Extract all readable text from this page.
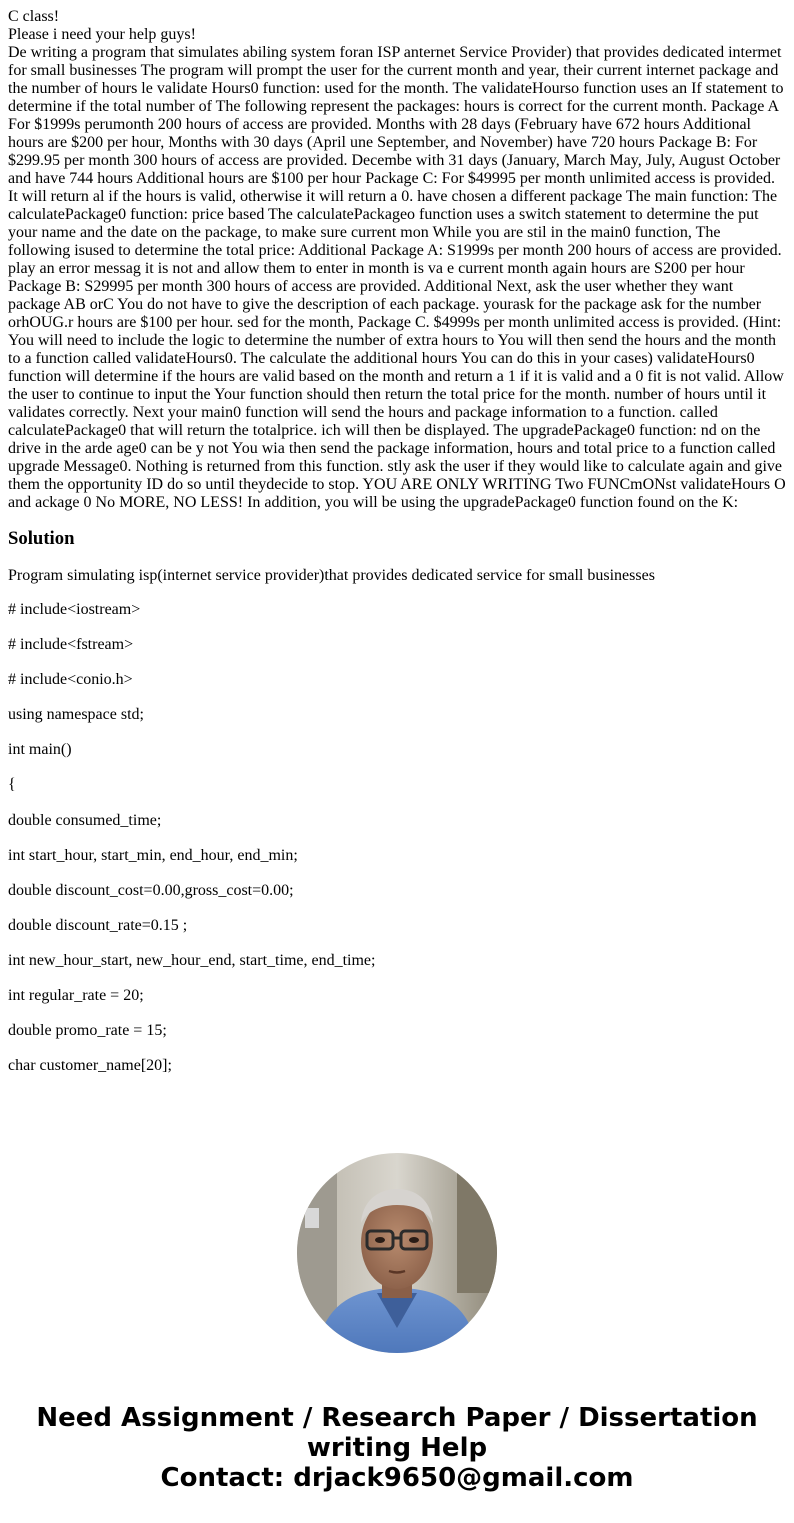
C class!
Please i need your help guys!
De writing a program that simulates abiling system foran ISP anternet Service Provider) that provides dedicated intermet for small businesses The program will prompt the user for the current month and year, their current internet package and the number of hours le validate Hours0 function: used for the month. The validateHourso function uses an If statement to determine if the total number of The following represent the packages: hours is correct for the current month. Package A For $1999s perumonth 200 hours of access are provided. Months with 28 days (February have 672 hours Additional hours are $200 per hour, Months with 30 days (April une September, and November) have 720 hours Package B: For $299.95 per month 300 hours of access are provided. Decembe with 31 days (January, March May, July, August October and have 744 hours Additional hours are $100 per hour Package C: For $49995 per month unlimited access is provided. It will return al if the hours is valid, otherwise it will return a 0. have chosen a different package The main function: The calculatePackage0 function: price based The calculatePackageo function uses a switch statement to determine the put your name and the date on the package, to make sure current mon While you are stil in the main0 function, The following isused to determine the total price: Additional Package A: S1999s per month 200 hours of access are provided. play an error messag it is not and allow them to enter in month is va e current month again hours are S200 per hour Package B: S29995 per month 300 hours of access are provided. Additional Next, ask the user whether they want package AB orC You do not have to give the description of each package. yourask for the package ask for the number orhOUG.r hours are $100 per hour. sed for the month, Package C. $4999s per month unlimited access is provided. (Hint: You will need to include the logic to determine the number of extra hours to You will then send the hours and the month to a function called validateHours0. The calculate the additional hours You can do this in your cases) validateHours0 function will determine if the hours are valid based on the month and return a 1 if it is valid and a 0 fit is not valid. Allow the user to continue to input the Your function should then return the total price for the month. number of hours until it validates correctly. Next your main0 function will send the hours and package information to a function. called calculatePackage0 that will return the totalprice. ich will then be displayed. The upgradePackage0 function: nd on the drive in the arde age0 can be y not You wia then send the package information, hours and total price to a function called upgrade Message0. Nothing is returned from this function. stly ask the user if they would like to calculate again and give them the opportunity ID do so until theydecide to stop. YOU ARE ONLY WRITING Two FUNCmONst validateHours O and ackage 0 No MORE, NO LESS! In addition, you will be using the upgradePackage0 function found on the K:
Solution

Program simulating isp(internet service provider)that provides dedicated service for small businesses

# include<iostream>

# include<fstream>

# include<conio.h>

using namespace std;

int main()

{

double consumed_time;

int start_hour, start_min, end_hour, end_min;

double discount_cost=0.00,gross_cost=0.00;

double discount_rate=0.15 ;

int new_hour_start, new_hour_end, start_time, end_time;

int regular_rate = 20;

double promo_rate = 15;

char customer_name[20];

Need Assignment / Research Paper / Dissertation
writing Help
Contact: drjack9650@gmail.com
